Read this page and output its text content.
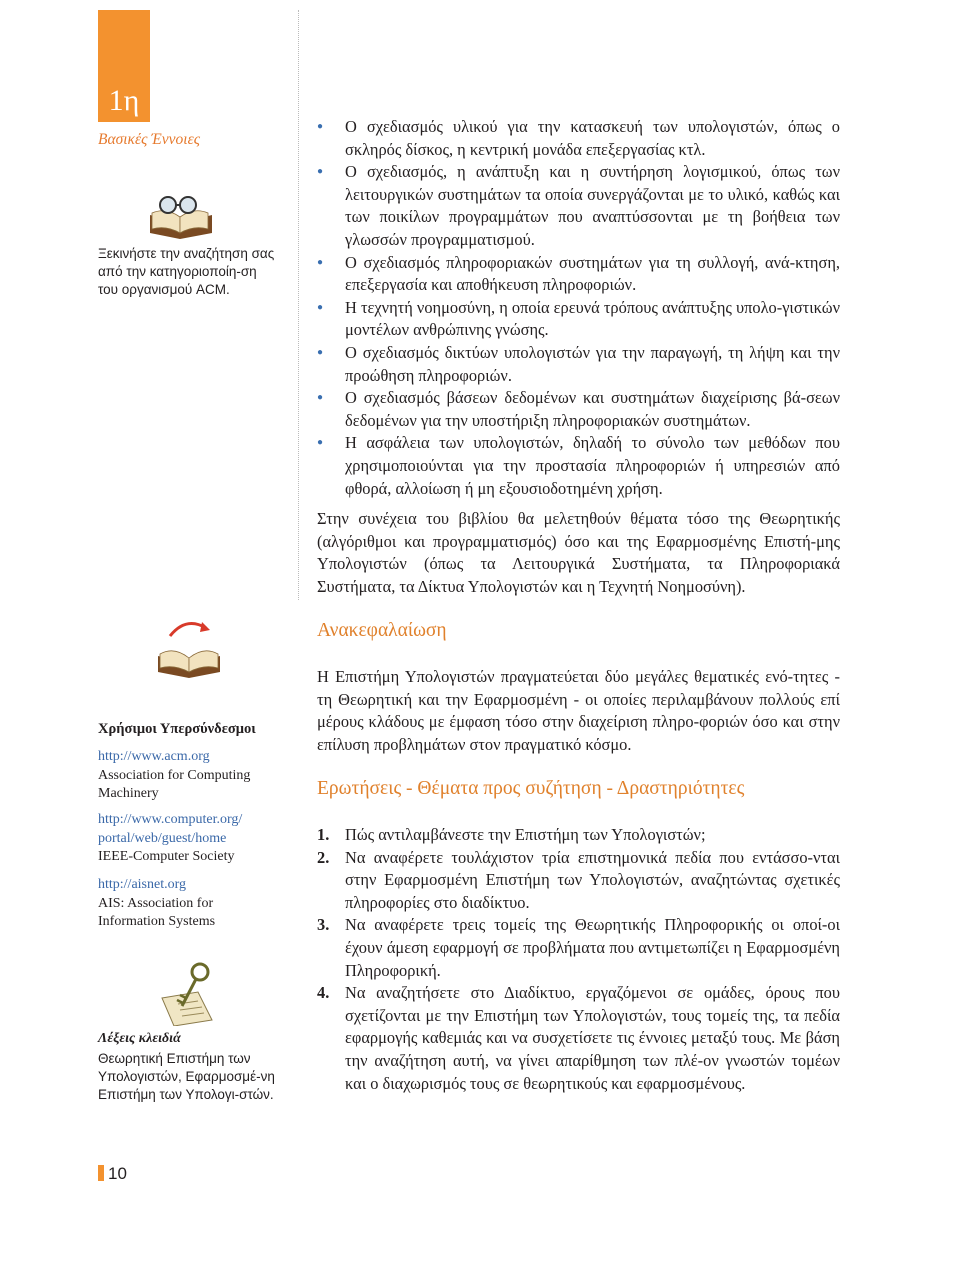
1η
Βασικές Έννοιες
Ξεκινήστε την αναζήτηση σας από την κατηγοριοποίη-ση του οργανισμού ACM.
Χρήσιμοι Υπερσύνδεσμοι
http://www.acm.org
Association for Computing Machinery
http://www.computer.org/ portal/web/guest/home
IEEE-Computer Society
http://aisnet.org
AIS: Association for Information Systems
Λέξεις κλειδιά
Θεωρητική Επιστήμη των Υπολογιστών, Εφαρμοσμέ-νη Επιστήμη των Υπολογι-στών.
10
● Ο σχεδιασμός υλικού για την κατασκευή των υπολογιστών, όπως ο σκληρός δίσκος, η κεντρική μονάδα επεξεργασίας κτλ.
● Ο σχεδιασμός, η ανάπτυξη και η συντήρηση λογισμικού, όπως των λειτουργικών συστημάτων τα οποία συνεργάζονται με το υλικό, καθώς και των ποικίλων προγραμμάτων που αναπτύσσονται με τη βοήθεια των γλωσσών προγραμματισμού.
● Ο σχεδιασμός πληροφοριακών συστημάτων για τη συλλογή, ανά-κτηση, επεξεργασία και αποθήκευση πληροφοριών.
● Η τεχνητή νοημοσύνη, η οποία ερευνά τρόπους ανάπτυξης υπολο-γιστικών μοντέλων ανθρώπινης γνώσης.
● Ο σχεδιασμός δικτύων υπολογιστών για την παραγωγή, τη λήψη και την προώθηση πληροφοριών.
● Ο σχεδιασμός βάσεων δεδομένων και συστημάτων διαχείρισης βά-σεων δεδομένων για την υποστήριξη πληροφοριακών συστημάτων.
● Η ασφάλεια των υπολογιστών, δηλαδή το σύνολο των μεθόδων που χρησιμοποιούνται για την προστασία πληροφοριών ή υπηρεσιών από φθορά, αλλοίωση ή μη εξουσιοδοτημένη χρήση.
Στην συνέχεια του βιβλίου θα μελετηθούν θέματα τόσο της Θεωρητικής (αλγόριθμοι και προγραμματισμός) όσο και της Εφαρμοσμένης Επιστή-μης Υπολογιστών (όπως τα Λειτουργικά Συστήματα, τα Πληροφοριακά Συστήματα, τα Δίκτυα Υπολογιστών και η Τεχνητή Νοημοσύνη).
Ανακεφαλαίωση
Η Επιστήμη Υπολογιστών πραγματεύεται δύο μεγάλες θεματικές ενό-τητες - τη Θεωρητική και την Εφαρμοσμένη - οι οποίες περιλαμβάνουν πολλούς επί μέρους κλάδους με έμφαση τόσο στην διαχείριση πληρο-φοριών όσο και στην επίλυση προβλημάτων στον πραγματικό κόσμο.
Ερωτήσεις - Θέματα προς συζήτηση - Δραστηριότητες
1. Πώς αντιλαμβάνεστε την Επιστήμη των Υπολογιστών;
2. Να αναφέρετε τουλάχιστον τρία επιστημονικά πεδία που εντάσσο-νται στην Εφαρμοσμένη Επιστήμη των Υπολογιστών, αναζητώντας σχετικές πληροφορίες στο διαδίκτυο.
3. Να αναφέρετε τρεις τομείς της Θεωρητικής Πληροφορικής οι οποί-οι έχουν άμεση εφαρμογή σε προβλήματα που αντιμετωπίζει η Εφαρμοσμένη Πληροφορική.
4. Να αναζητήσετε στο Διαδίκτυο, εργαζόμενοι σε ομάδες, όρους που σχετίζονται με την Επιστήμη των Υπολογιστών, τους τομείς της, τα πεδία εφαρμογής καθεμιάς και να συσχετίσετε τις έννοιες μεταξύ τους. Με βάση την αναζήτηση αυτή, να γίνει απαρίθμηση των πλέ-ον γνωστών τομέων και ο διαχωρισμός τους σε θεωρητικούς και εφαρμοσμένους.
